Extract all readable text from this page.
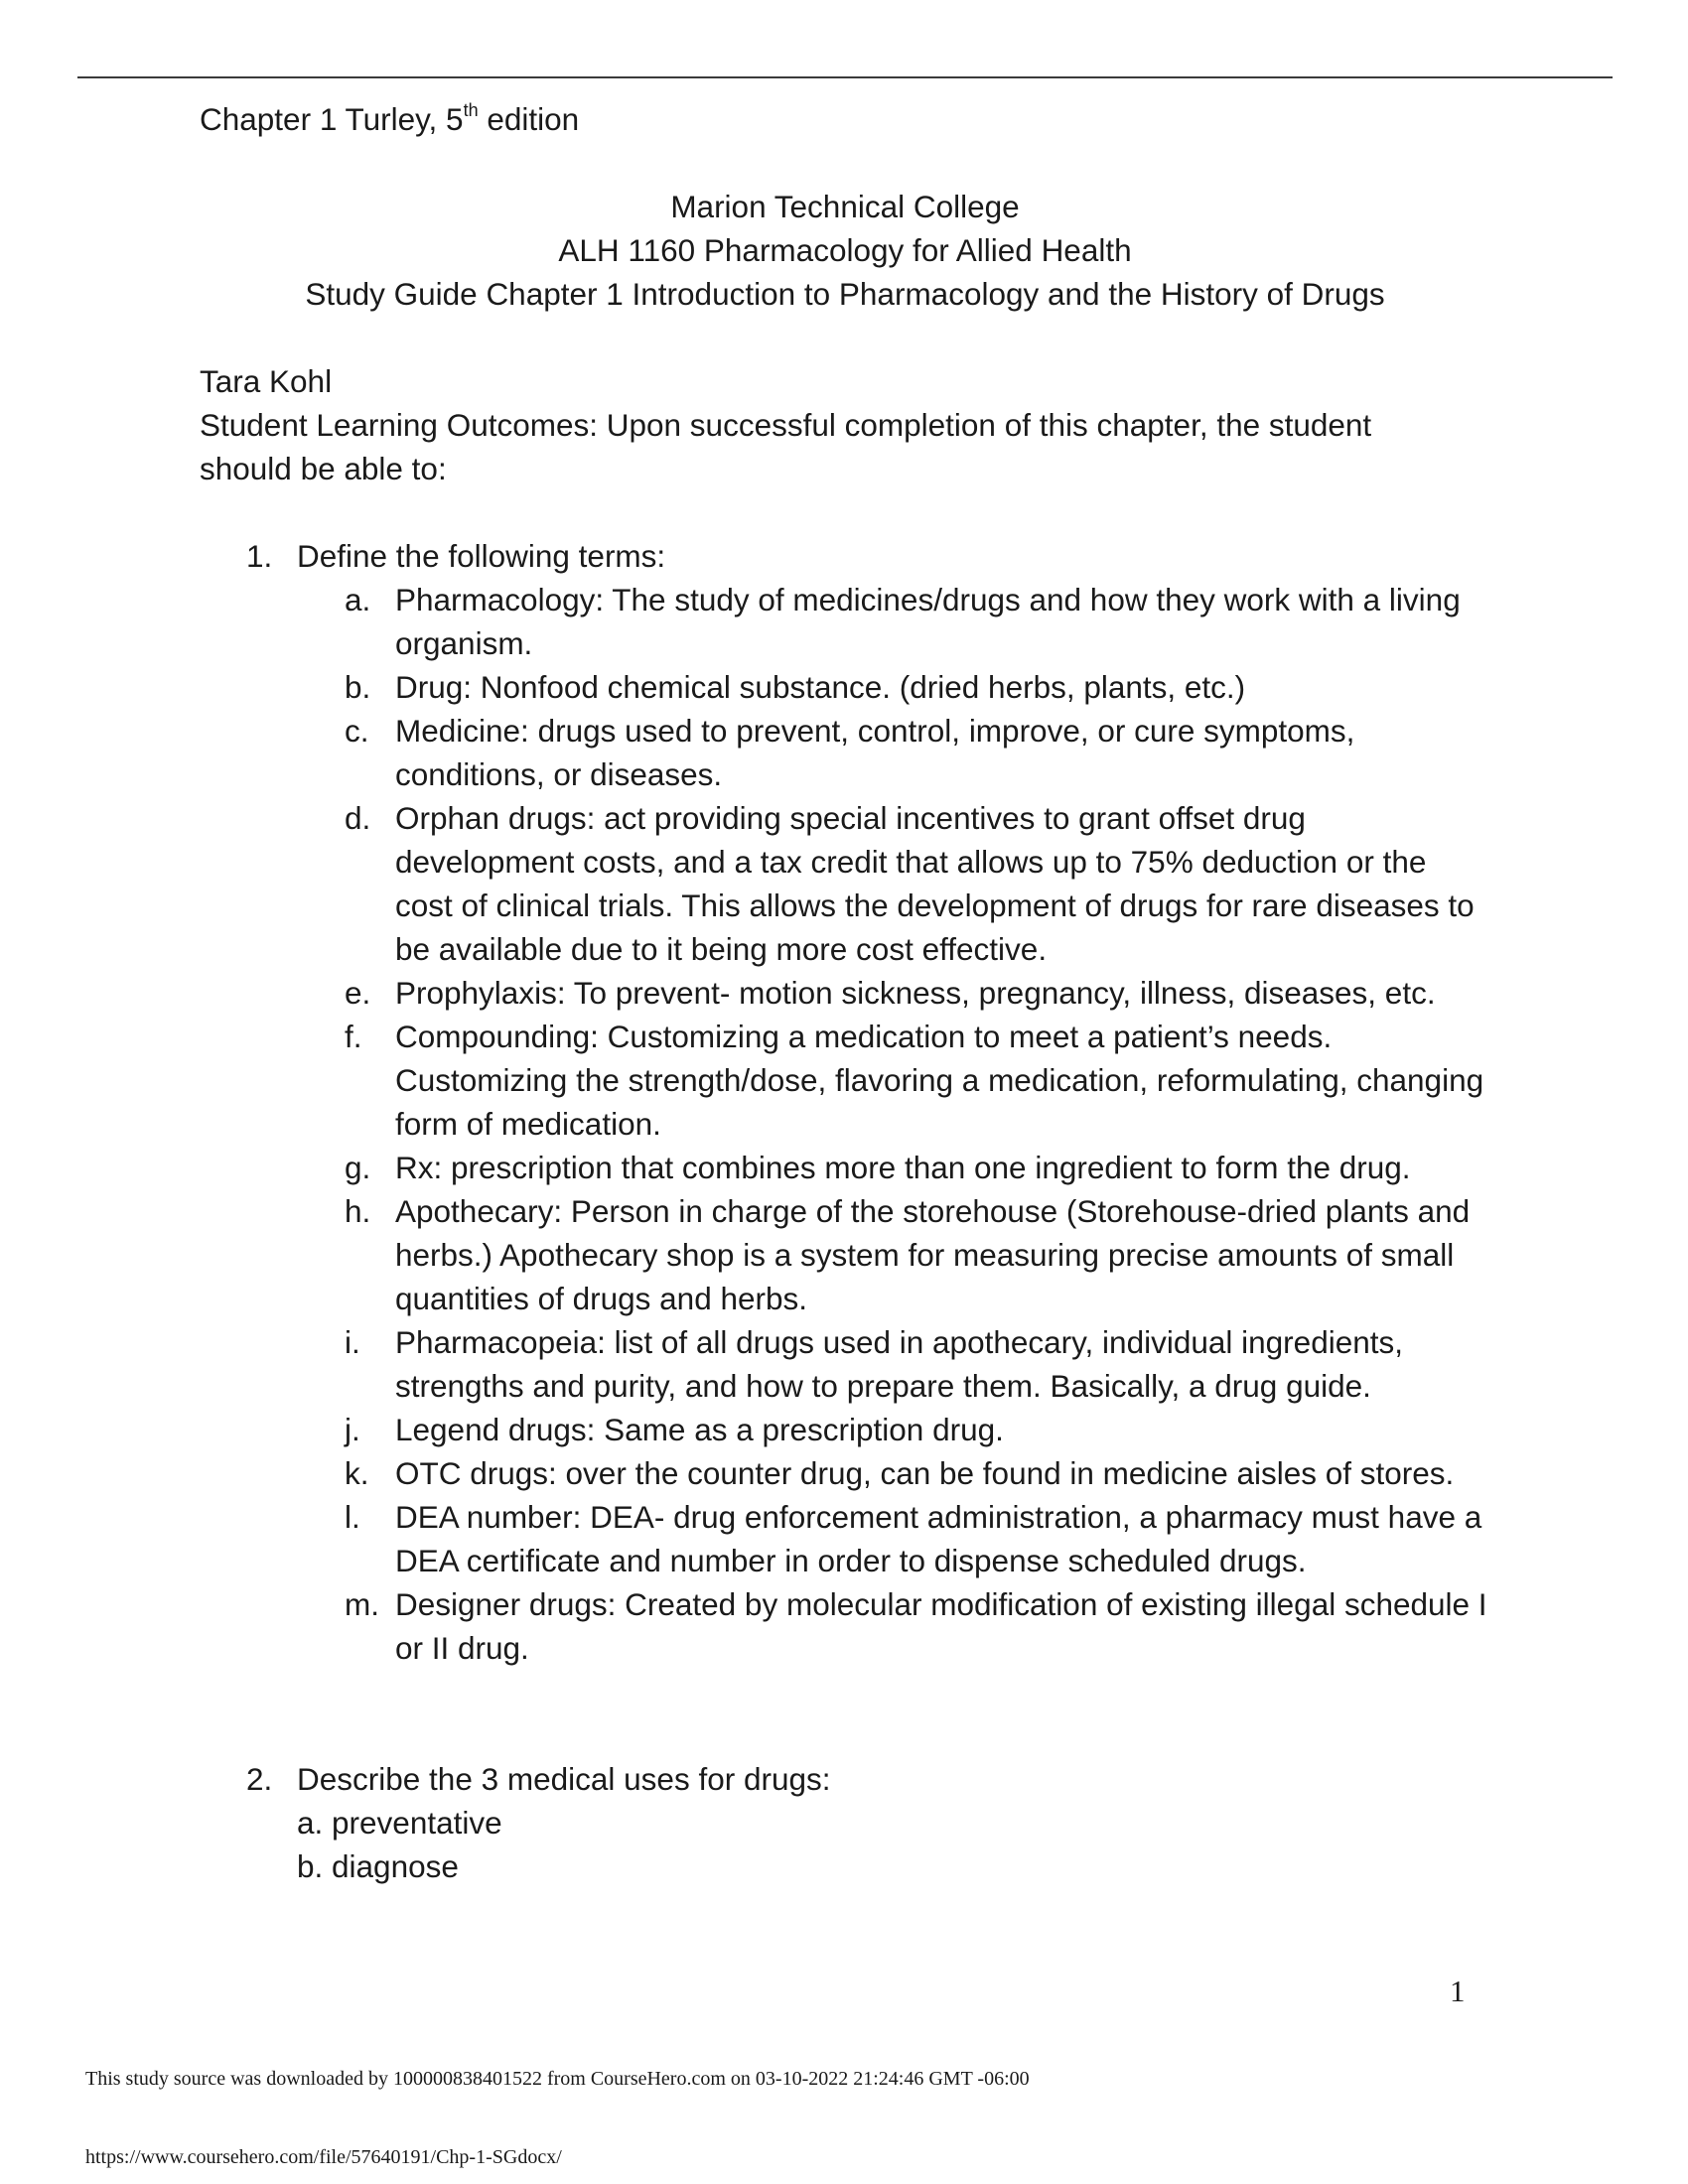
Chapter 1 Turley, 5th edition

Marion Technical College
ALH 1160 Pharmacology for Allied Health
Study Guide Chapter 1 Introduction to Pharmacology and the History of Drugs
Tara Kohl

Student Learning Outcomes: Upon successful completion of this chapter, the student should be able to:

1. Define the following terms:
a. Pharmacology: The study of medicines/drugs and how they work with a living organism.
b. Drug: Nonfood chemical substance. (dried herbs, plants, etc.)
c. Medicine: drugs used to prevent, control, improve, or cure symptoms, conditions, or diseases.
d. Orphan drugs: act providing special incentives to grant offset drug development costs, and a tax credit that allows up to 75% deduction or the cost of clinical trials. This allows the development of drugs for rare diseases to be available due to it being more cost effective.
e. Prophylaxis: To prevent- motion sickness, pregnancy, illness, diseases, etc.
f.	Compounding: Customizing a medication to meet a patient’s needs. Customizing the strength/dose, flavoring a medication, reformulating, changing form of medication.
g. Rx: prescription that combines more than one ingredient to form the drug.
h. Apothecary: Person in charge of the storehouse (Storehouse-dried plants and herbs.) Apothecary shop is a system for measuring precise amounts of small quantities of drugs and herbs.
i.	Pharmacopeia: list of all drugs used in apothecary, individual ingredients, strengths and purity, and how to prepare them. Basically, a drug guide.
j.	Legend drugs: Same as a prescription drug.
k. OTC drugs: over the counter drug, can be found in medicine aisles of stores.
l.	DEA number: DEA- drug enforcement administration, a pharmacy must have a DEA certificate and number in order to dispense scheduled drugs.
m. Designer drugs: Created by molecular modification of existing illegal schedule I or II drug.
2. Describe the 3 medical uses for drugs:
a. preventative
b. diagnose
1
This study source was downloaded by 100000838401522 from CourseHero.com on 03-10-2022 21:24:46 GMT -06:00
https://www.coursehero.com/file/57640191/Chp-1-SGdocx/
